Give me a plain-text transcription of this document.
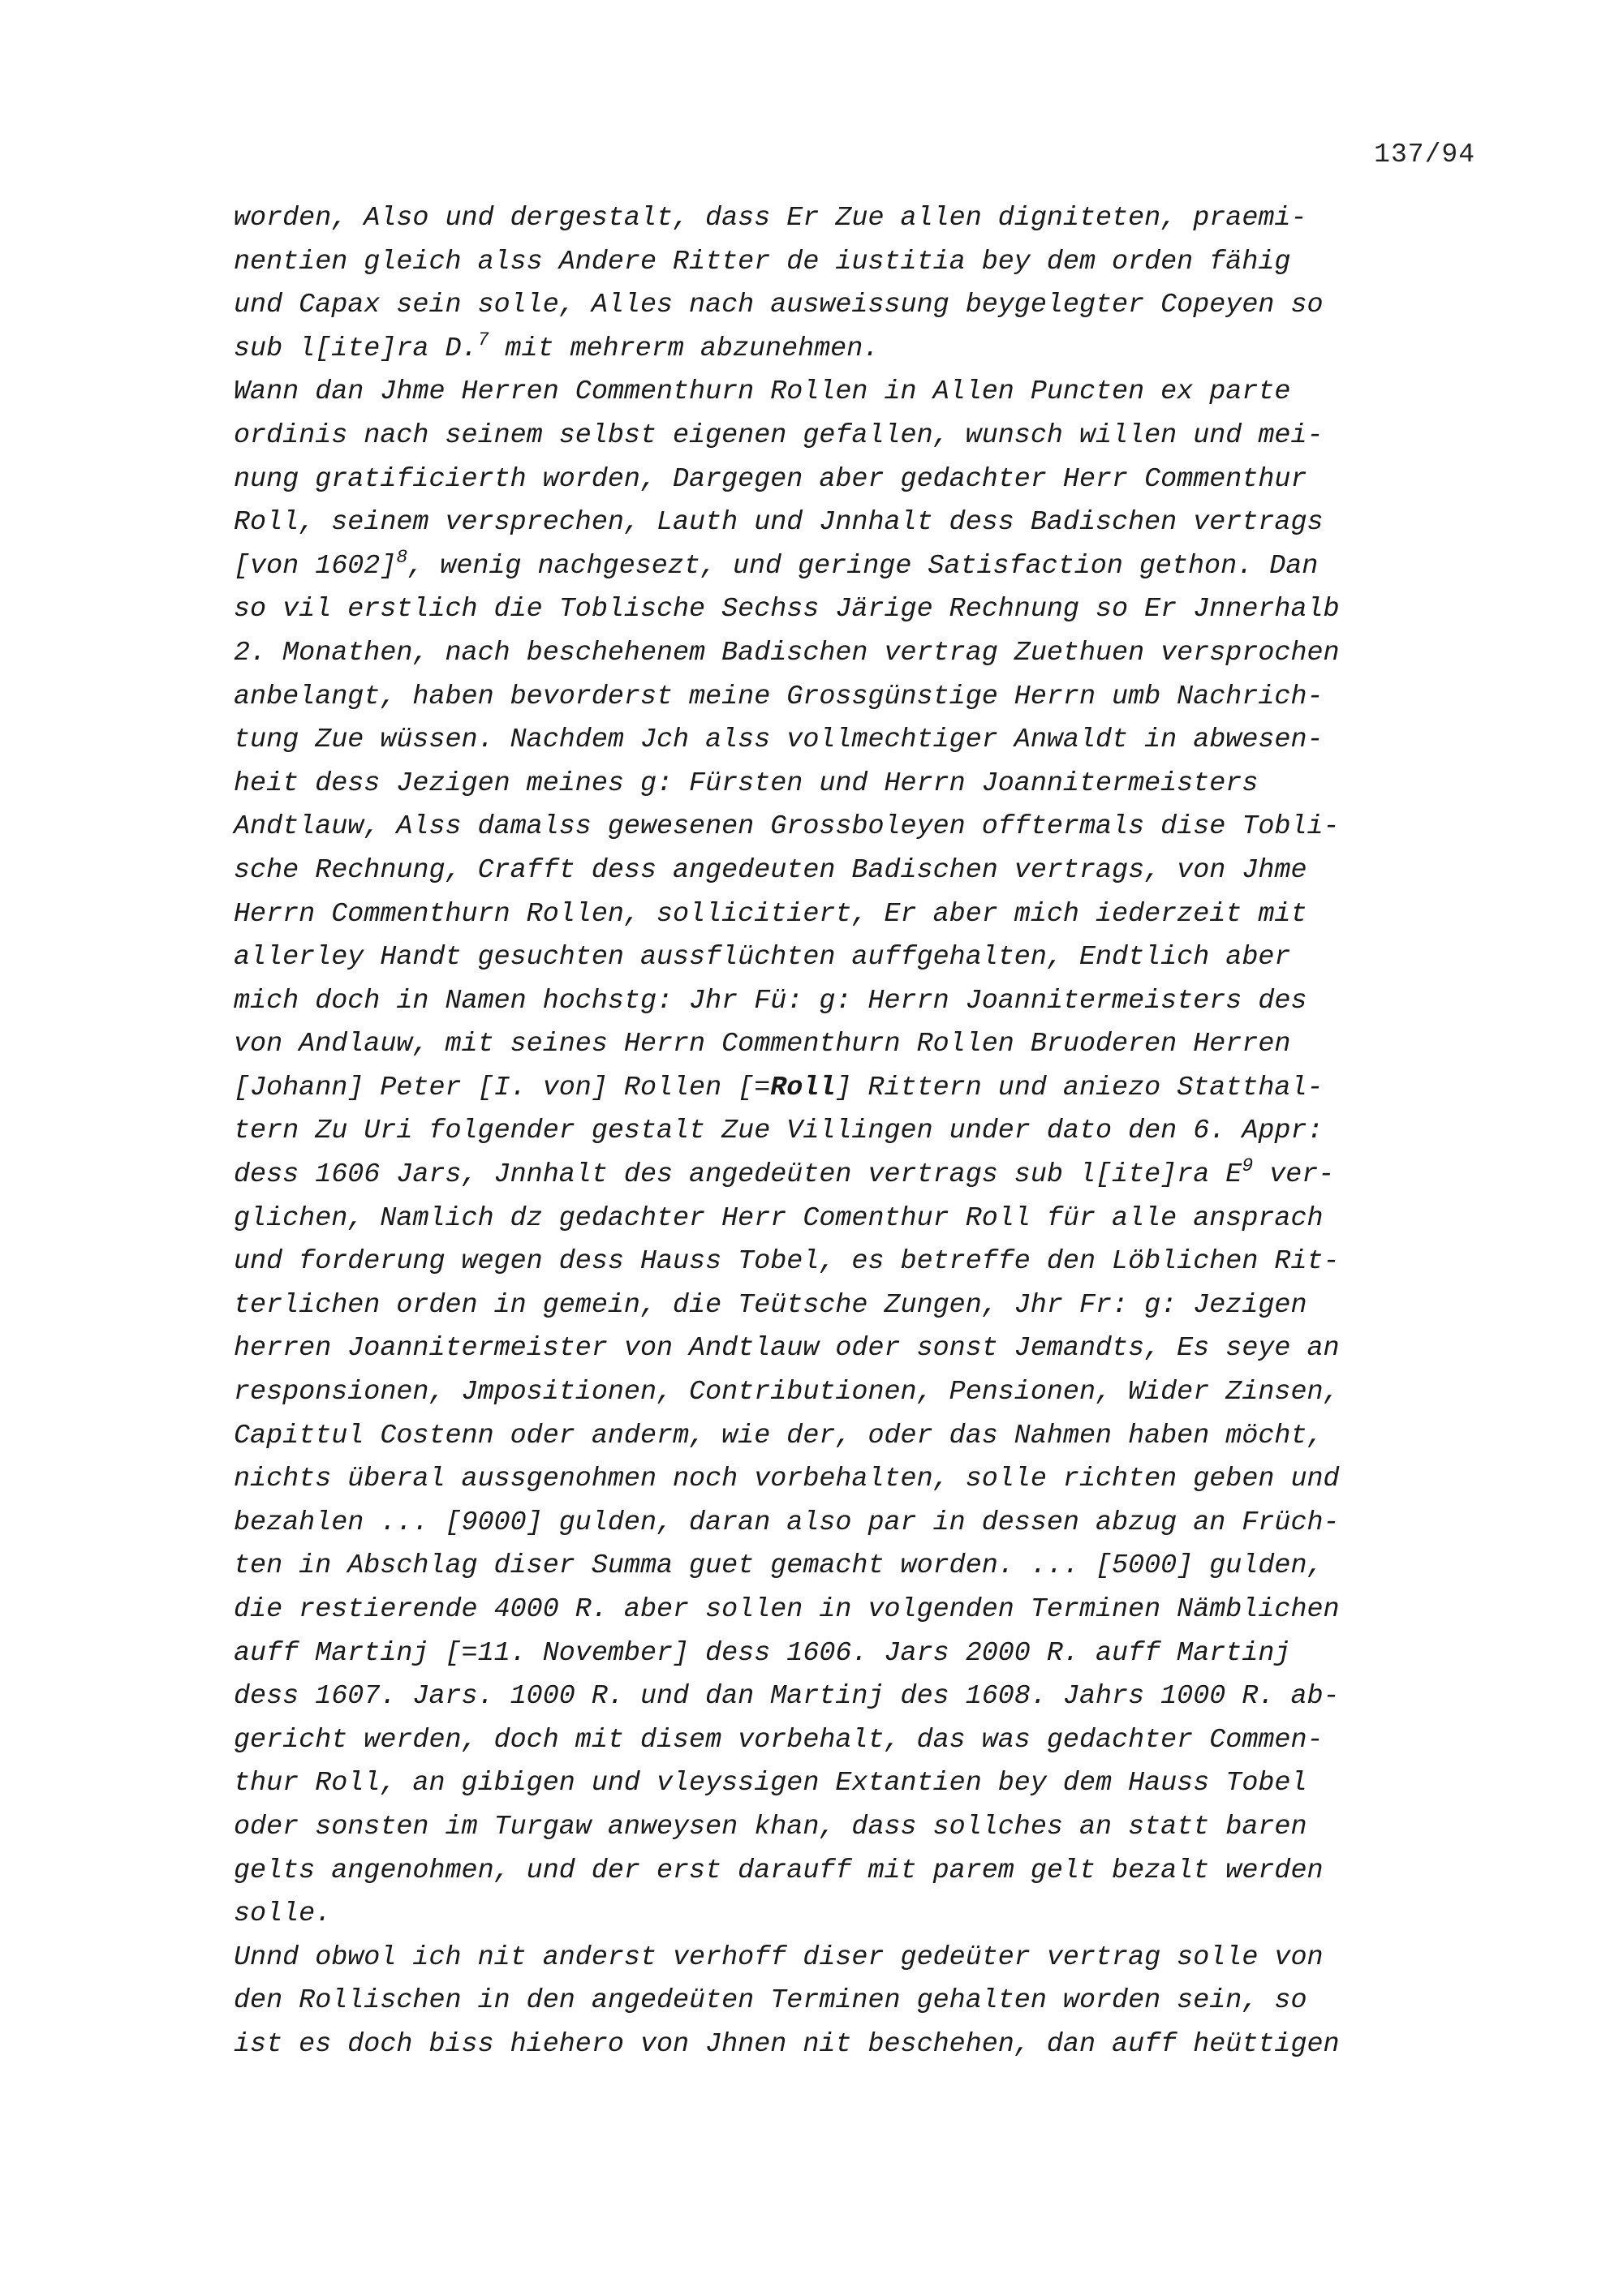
137/94
worden, Also und dergestalt, dass Er Zue allen digniteten, praemi-
nentien gleich alss Andere Ritter de iustitia bey dem orden fähig
und Capax sein solle, Alles nach ausweissung beygelegter Copeyen so
sub l[ite]ra D.$^7$ mit mehrerm abzunehmen.
Wann dan Jhme Herren Commenthurn Rollen in Allen Puncten ex parte
ordinis nach seinem selbst eigenen gefallen, wunsch willen und mei-
nung gratificierth worden, Dargegen aber gedachter Herr Commenthur
Roll, seinem versprechen, Lauth und Jnnhalt dess Badischen vertrags
[von 1602]$^8$, wenig nachgesezt, und geringe Satisfaction gethon. Dan
so vil erstlich die Toblische Sechss Järige Rechnung so Er Jnnerhalb
2. Monathen, nach beschehenem Badischen vertrag Zuethuen versprochen
anbelangt, haben bevorderst meine Grossgünstige Herrn umb Nachrich-
tung Zue wüssen. Nachdem Jch alss vollmechtiger Anwaldt in abwesen-
heit dess Jezigen meines g: Fürsten und Herrn Joannitermeisters
Andtlauw, Alss damalss gewesenen Grossboleyen offtermals dise Tobli-
sche Rechnung, Crafft dess angedeuten Badischen vertrags, von Jhme
Herrn Commenthurn Rollen, sollicitiert, Er aber mich iederzeit mit
allerley Handt gesuchten aussflüchten auffgehalten, Endtlich aber
mich doch in Namen hochstg: Jhr Fü: g: Herrn Joannitermeisters des
von Andlauw, mit seines Herrn Commenthurn Rollen Bruoderen Herren
[Johann] Peter [I. von] Rollen [=Roll] Rittern und aniezo Statthal-
tern Zu Uri folgender gestalt Zue Villingen under dato den 6. Appr:
dess 1606 Jars, Jnnhalt des angedeüten vertrags sub l[ite]ra E$^9$ ver-
glichen, Namlich dz gedachter Herr Comenthur Roll für alle ansprach
und forderung wegen dess Hauss Tobel, es betreffe den Löblichen Rit-
terlichen orden in gemein, die Teütsche Zungen, Jhr Fr: g: Jezigen
herren Joannitermeister von Andtlauw oder sonst Jemandts, Es seye an
responsionen, Jmpositionen, Contributionen, Pensionen, Wider Zinsen,
Capittul Costenn oder anderm, wie der, oder das Nahmen haben möcht,
nichts überal aussgenohmen noch vorbehalten, solle richten geben und
bezahlen ... [9000] gulden, daran also par in dessen abzug an Früch-
ten in Abschlag diser Summa guet gemacht worden. ... [5000] gulden,
die restierende 4000 R. aber sollen in volgenden Terminen Nämblichen
auff Martinj [=11. November] dess 1606. Jars 2000 R. auff Martinj
dess 1607. Jars. 1000 R. und dan Martinj des 1608. Jahrs 1000 R. ab-
gericht werden, doch mit disem vorbehalt, das was gedachter Commen-
thur Roll, an gibigen und vleyssigen Extantien bey dem Hauss Tobel
oder sonsten im Turgaw anweysen khan, dass sollches an statt baren
gelts angenohmen, und der erst darauff mit parem gelt bezalt werden
solle.
Unnd obwol ich nit anderst verhoff diser gedeüter vertrag solle von
den Rollischen in den angedeüten Terminen gehalten worden sein, so
ist es doch biss hiehero von Jhnen nit beschehen, dan auff heüttigen
